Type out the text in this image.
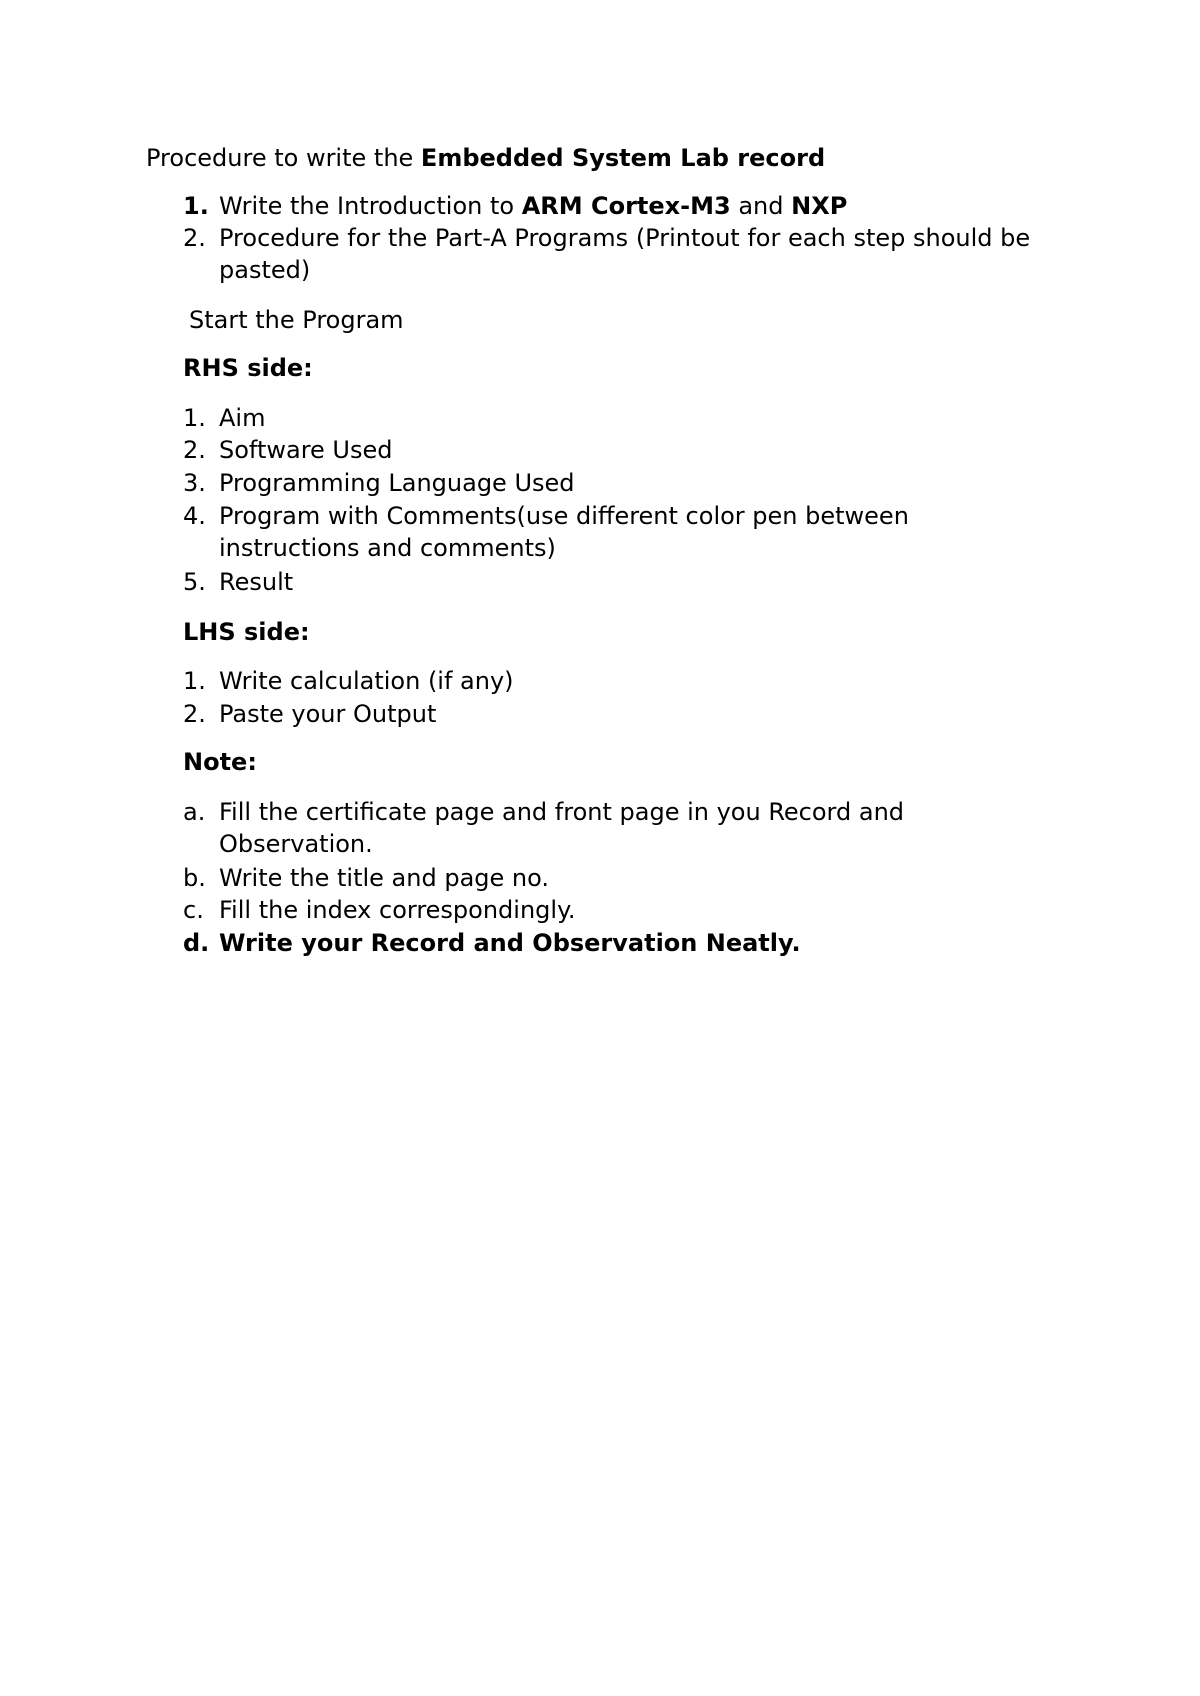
Procedure to write the Embedded System Lab record
1. Write the Introduction to ARM Cortex-M3 and NXP
2. Procedure for the Part-A Programs (Printout for each step should be
pasted)
Start the Program
RHS side:
1. Aim
2. Software Used
3. Programming Language Used
4. Program with Comments(use different color pen between
instructions and comments)
5. Result
LHS side:
1. Write calculation (if any)
2. Paste your Output
Note:
a. Fill the certificate page and front page in you Record and
Observation.
b. Write the title and page no.
c. Fill the index correspondingly.
d. Write your Record and Observation Neatly.
